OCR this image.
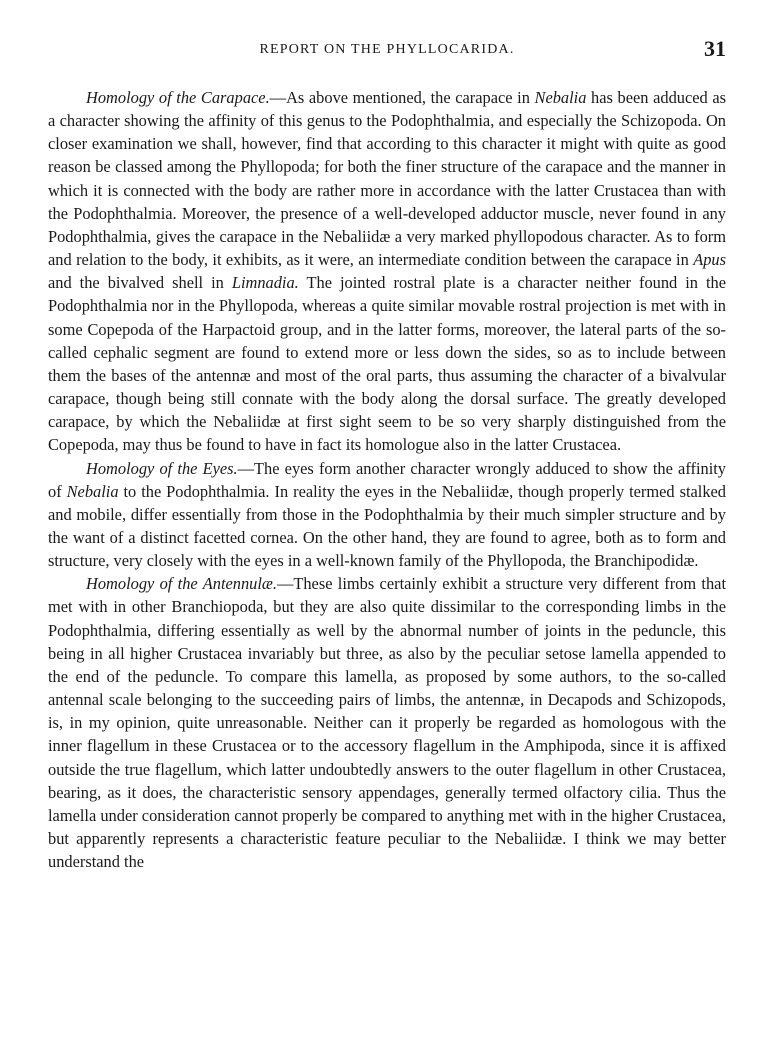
REPORT ON THE PHYLLOCARIDA.	31

Homology of the Carapace.—As above mentioned, the carapace in Nebalia has been adduced as a character showing the affinity of this genus to the Podophthalmia, and especially the Schizopoda. On closer examination we shall, however, find that according to this character it might with quite as good reason be classed among the Phyllopoda; for both the finer structure of the carapace and the manner in which it is connected with the body are rather more in accordance with the latter Crustacea than with the Podophthalmia. Moreover, the presence of a well-developed adductor muscle, never found in any Podophthalmia, gives the carapace in the Nebaliidæ a very marked phyllopodous character. As to form and relation to the body, it exhibits, as it were, an intermediate condition between the carapace in Apus and the bivalved shell in Limnadia. The jointed rostral plate is a character neither found in the Podophthalmia nor in the Phyllopoda, whereas a quite similar movable rostral projection is met with in some Copepoda of the Harpactoid group, and in the latter forms, moreover, the lateral parts of the so-called cephalic segment are found to extend more or less down the sides, so as to include between them the bases of the antennæ and most of the oral parts, thus assuming the character of a bivalvular carapace, though being still connate with the body along the dorsal surface. The greatly developed carapace, by which the Nebaliidæ at first sight seem to be so very sharply distinguished from the Copepoda, may thus be found to have in fact its homologue also in the latter Crustacea.

Homology of the Eyes.—The eyes form another character wrongly adduced to show the affinity of Nebalia to the Podophthalmia. In reality the eyes in the Nebaliidæ, though properly termed stalked and mobile, differ essentially from those in the Podophthalmia by their much simpler structure and by the want of a distinct facetted cornea. On the other hand, they are found to agree, both as to form and structure, very closely with the eyes in a well-known family of the Phyllopoda, the Branchipodidæ.

Homology of the Antennulæ.—These limbs certainly exhibit a structure very different from that met with in other Branchiopoda, but they are also quite dissimilar to the corresponding limbs in the Podophthalmia, differing essentially as well by the abnormal number of joints in the peduncle, this being in all higher Crustacea invariably but three, as also by the peculiar setose lamella appended to the end of the peduncle. To compare this lamella, as proposed by some authors, to the so-called antennal scale belonging to the succeeding pairs of limbs, the antennæ, in Decapods and Schizopods, is, in my opinion, quite unreasonable. Neither can it properly be regarded as homologous with the inner flagellum in these Crustacea or to the accessory flagellum in the Amphipoda, since it is affixed outside the true flagellum, which latter undoubtedly answers to the outer flagellum in other Crustacea, bearing, as it does, the characteristic sensory appendages, generally termed olfactory cilia. Thus the lamella under consideration cannot properly be compared to anything met with in the higher Crustacea, but apparently represents a characteristic feature peculiar to the Nebaliidæ. I think we may better understand the
